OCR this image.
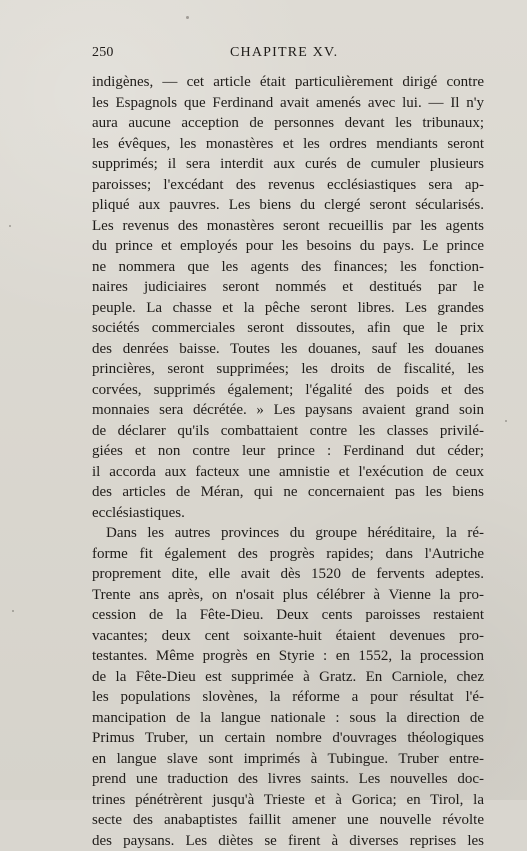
250	CHAPITRE XV.
indigènes, — cet article était particulièrement dirigé contre
les Espagnols que Ferdinand avait amenés avec lui. — Il n'y
aura aucune acception de personnes devant les tribunaux;
les évêques, les monastères et les ordres mendiants seront
supprimés; il sera interdit aux curés de cumuler plusieurs
paroisses; l'excédant des revenus ecclésiastiques sera ap-
pliqué aux pauvres. Les biens du clergé seront sécularisés.
Les revenus des monastères seront recueillis par les agents
du prince et employés pour les besoins du pays. Le prince
ne nommera que les agents des finances; les fonction-
naires judiciaires seront nommés et destitués par le
peuple. La chasse et la pêche seront libres. Les grandes
sociétés commerciales seront dissoutes, afin que le prix
des denrées baisse. Toutes les douanes, sauf les douanes
princières, seront supprimées; les droits de fiscalité, les
corvées, supprimés également; l'égalité des poids et des
monnaies sera décrétée. » Les paysans avaient grand soin
de déclarer qu'ils combattaient contre les classes privilé-
giées et non contre leur prince : Ferdinand dut céder;
il accorda aux facteux une amnistie et l'exécution de ceux
des articles de Méran, qui ne concernaient pas les biens
ecclésiastiques.
Dans les autres provinces du groupe héréditaire, la ré-
forme fit également des progrès rapides; dans l'Autriche
proprement dite, elle avait dès 1520 de fervents adeptes.
Trente ans après, on n'osait plus célébrer à Vienne la pro-
cession de la Fête-Dieu. Deux cents paroisses restaient
vacantes; deux cent soixante-huit étaient devenues pro-
testantes. Même progrès en Styrie : en 1552, la procession
de la Fête-Dieu est supprimée à Gratz. En Carniole, chez
les populations slovènes, la réforme a pour résultat l'é-
mancipation de la langue nationale : sous la direction de
Primus Truber, un certain nombre d'ouvrages théologiques
en langue slave sont imprimés à Tubingue. Truber entre-
prend une traduction des livres saints. Les nouvelles doc-
trines pénétrèrent jusqu'à Trieste et à Gorica; en Tirol, la
secte des anabaptistes faillit amener une nouvelle révolte
des paysans. Les diètes se firent à diverses reprises les
